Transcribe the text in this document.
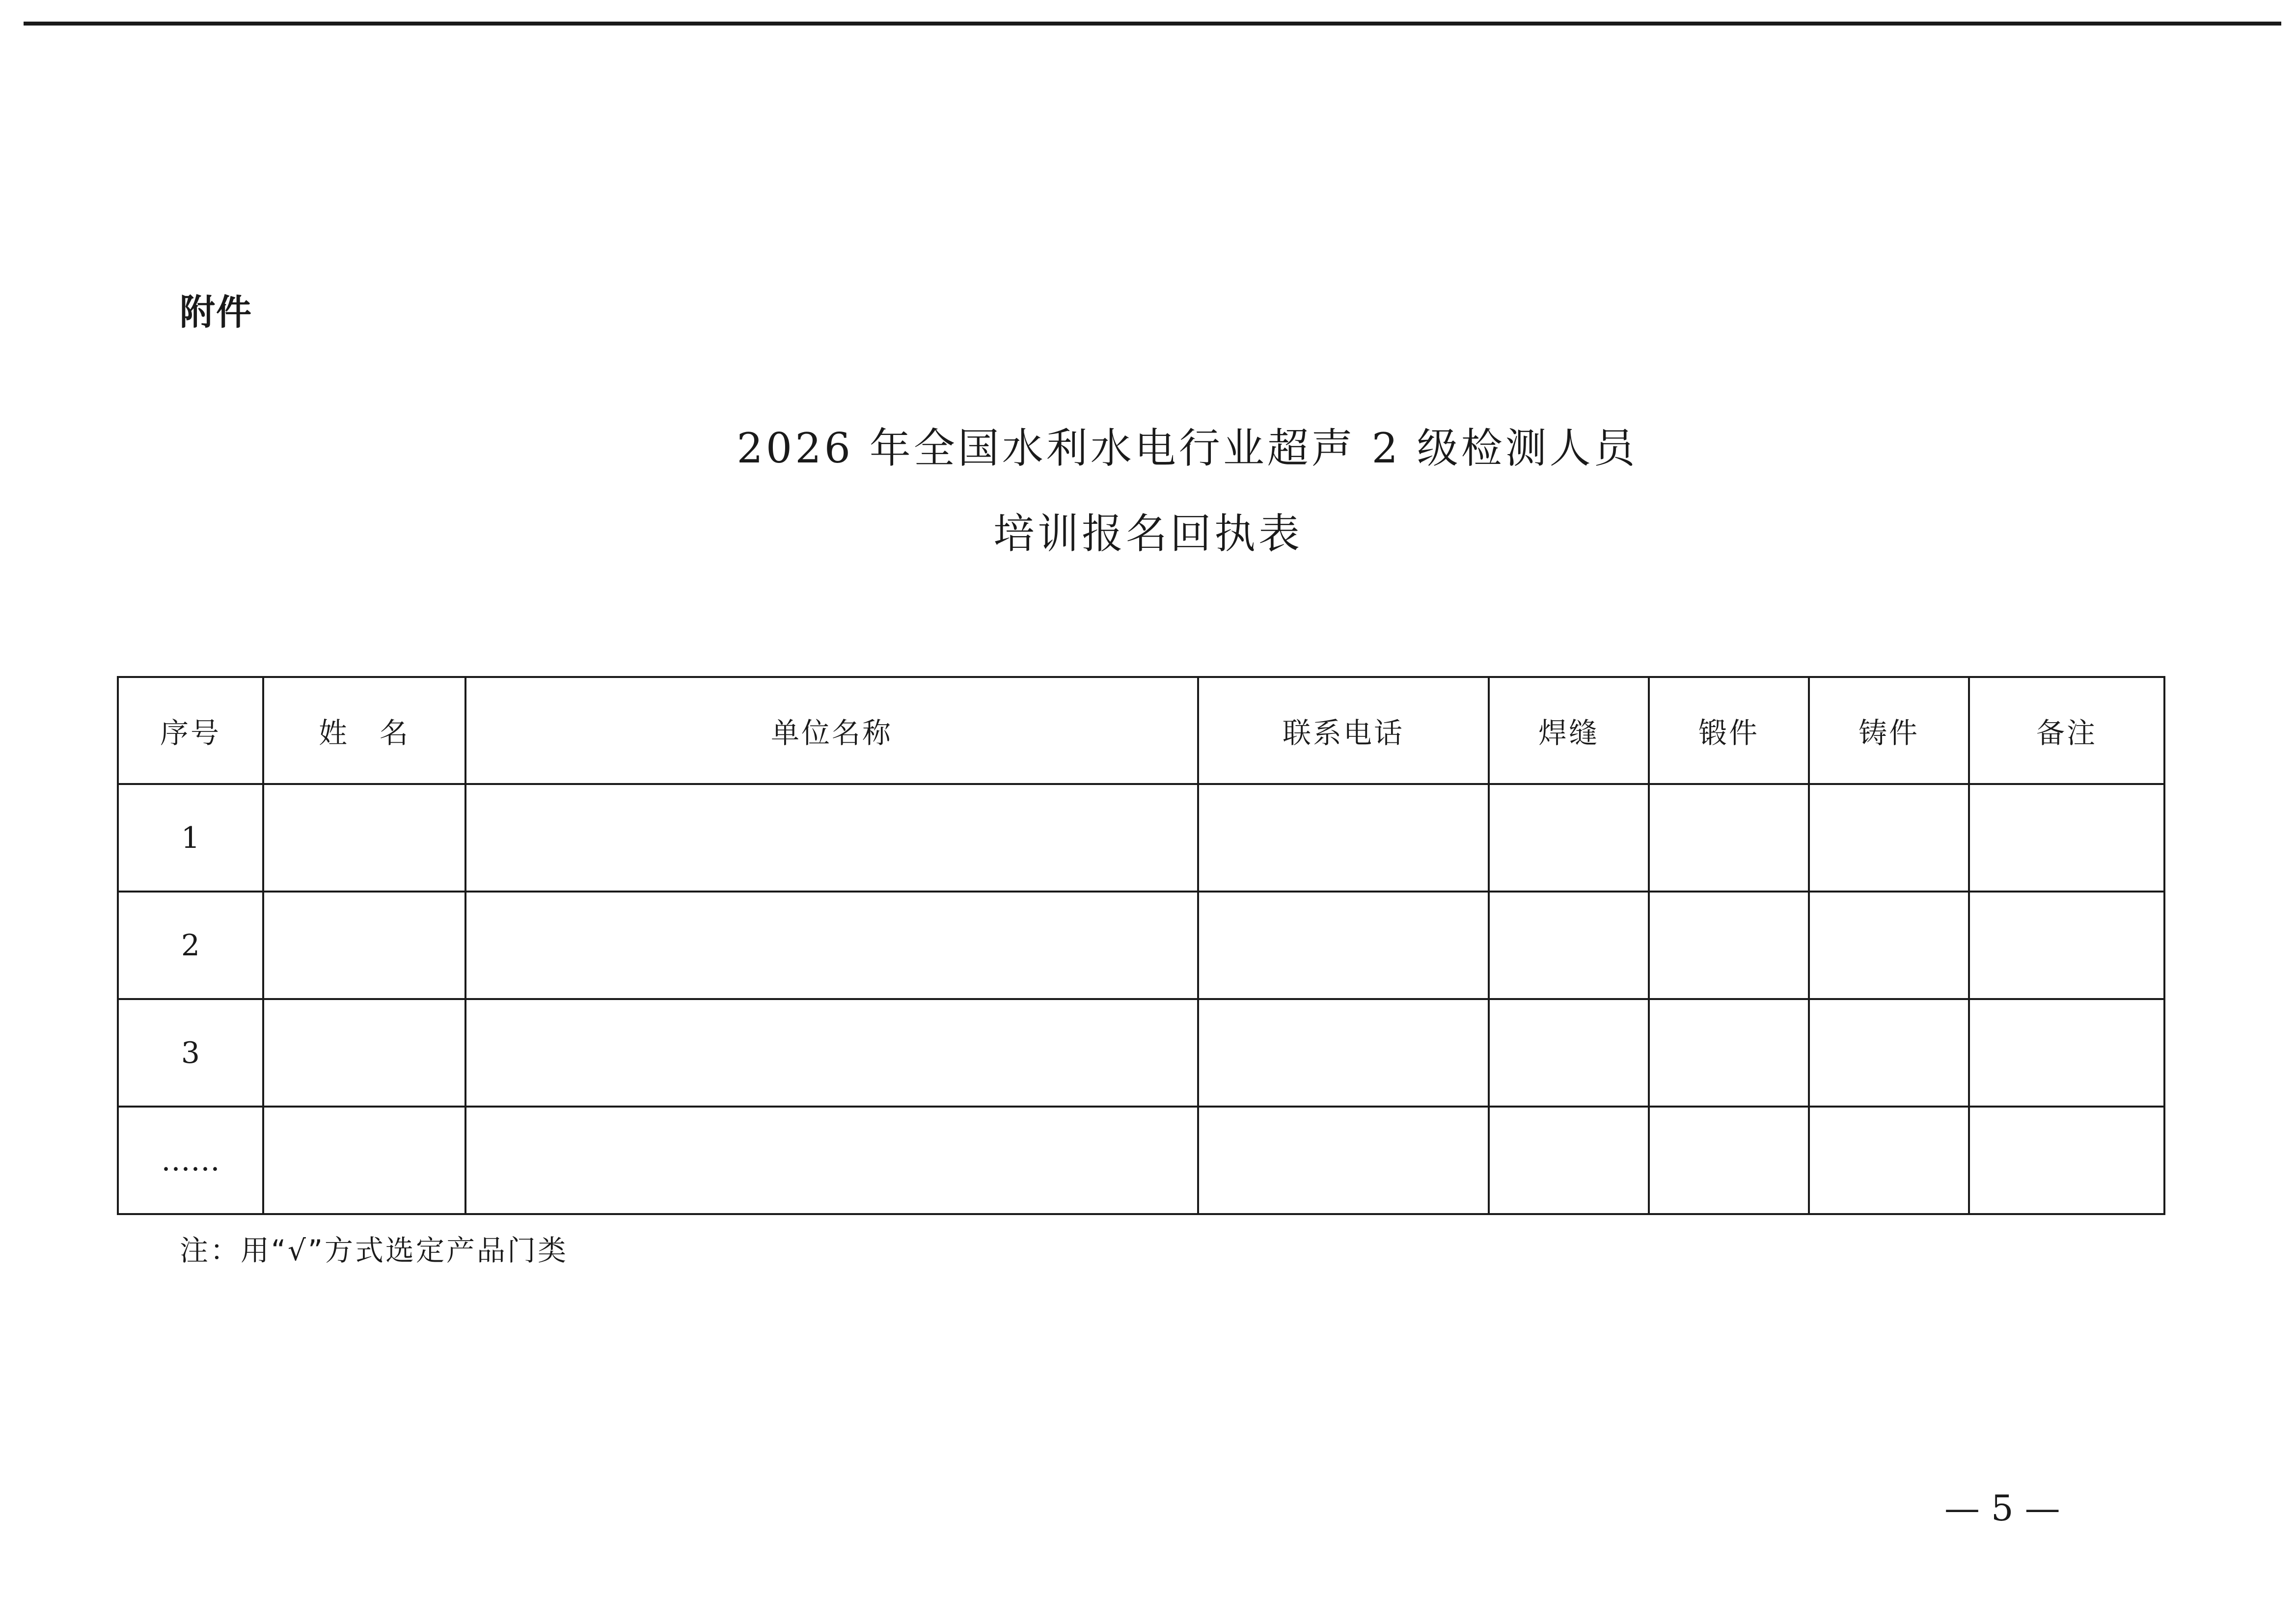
附件
2026 年全国水利水电行业超声 2 级检测人员
培训报名回执表
序号	姓　名	单位名称	联系电话	焊缝	锻件	铸件	备注
1							
2							
3							
……							
注：用“√”方式选定产品门类
— 5 —
